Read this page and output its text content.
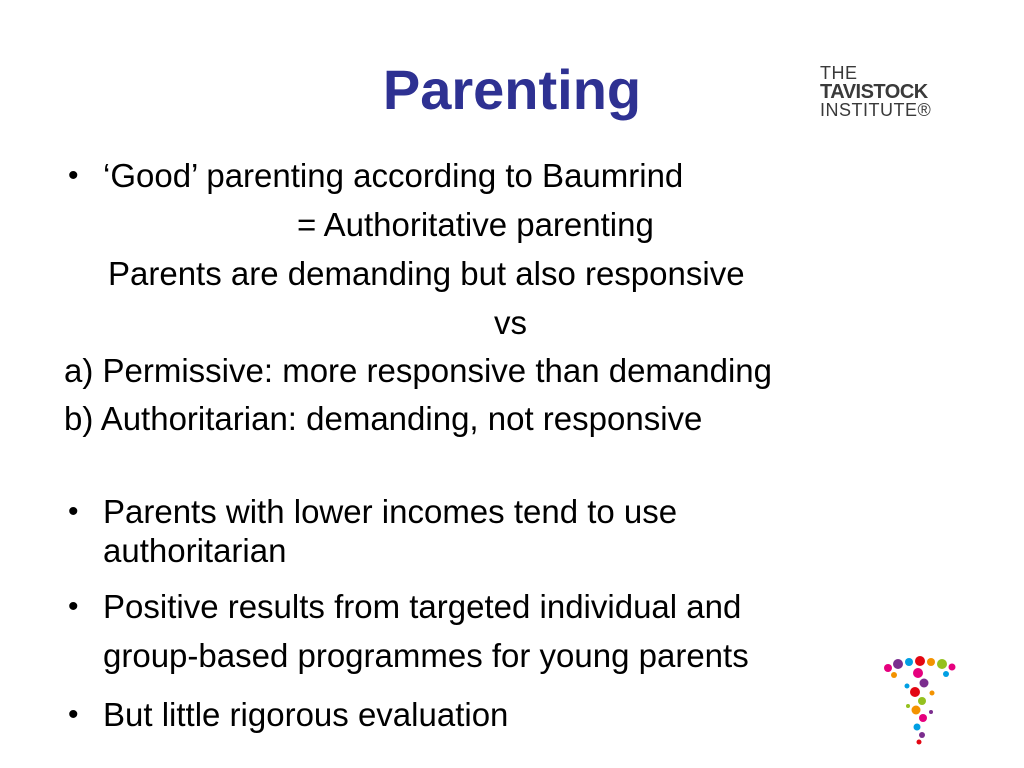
Parenting	THE
TAVISTOCK
INSTITUTE®
• ‘Good’ parenting according to Baumrind
= Authoritative parenting
Parents are demanding but also responsive
vs
a) Permissive: more responsive than demanding
b) Authoritarian: demanding, not responsive
• Parents with lower incomes tend to use
authoritarian
• Positive results from targeted individual and
group-based programmes for young parents
• But little rigorous evaluation
